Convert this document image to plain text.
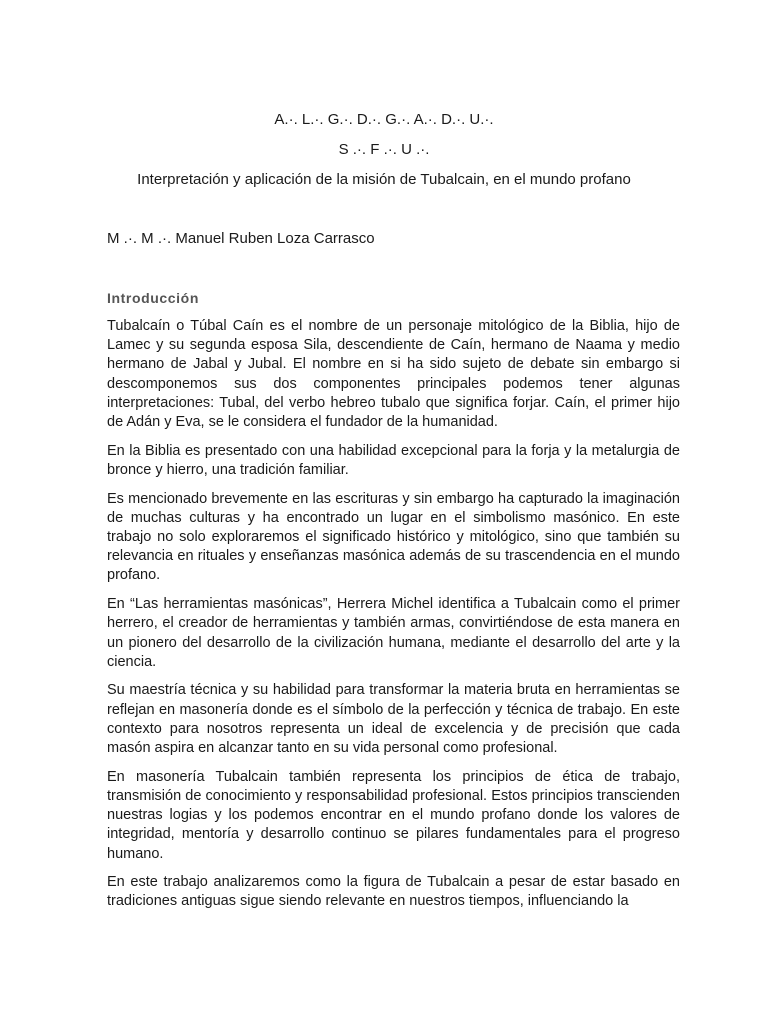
A.·. L.·. G.·. D.·. G.·. A.·. D.·. U.·.
S .·. F .·. U .·.
Interpretación y aplicación de la misión de Tubalcain, en el mundo profano
M .·. M .·. Manuel Ruben Loza Carrasco
Introducción

Tubalcaín o Túbal Caín es el nombre de un personaje mitológico de la Biblia, hijo de Lamec y su segunda esposa Sila, descendiente de Caín, hermano de Naama y medio hermano de Jabal y Jubal. El nombre en si ha sido sujeto de debate sin embargo si descomponemos sus dos componentes principales podemos tener algunas interpretaciones: Tubal, del verbo hebreo tubalo que significa forjar. Caín, el primer hijo de Adán y Eva, se le considera el fundador de la humanidad.

En la Biblia es presentado con una habilidad excepcional para la forja y la metalurgia de bronce y hierro, una tradición familiar.

Es mencionado brevemente en las escrituras y sin embargo ha capturado la imaginación de muchas culturas y ha encontrado un lugar en el simbolismo masónico. En este trabajo no solo exploraremos el significado histórico y mitológico, sino que también su relevancia en rituales y enseñanzas masónica además de su trascendencia en el mundo profano.

En “Las herramientas masónicas”, Herrera Michel identifica a Tubalcain como el primer herrero, el creador de herramientas y también armas, convirtiéndose de esta manera en un pionero del desarrollo de la civilización humana, mediante el desarrollo del arte y la ciencia.

Su maestría técnica y su habilidad para transformar la materia bruta en herramientas se reflejan en masonería donde es el símbolo de la perfección y técnica de trabajo. En este contexto para nosotros representa un ideal de excelencia y de precisión que cada masón aspira en alcanzar tanto en su vida personal como profesional.

En masonería Tubalcain también representa los principios de ética de trabajo, transmisión de conocimiento y responsabilidad profesional. Estos principios transcienden nuestras logias y los podemos encontrar en el mundo profano donde los valores de integridad, mentoría y desarrollo continuo se pilares fundamentales para el progreso humano.

En este trabajo analizaremos como la figura de Tubalcain a pesar de estar basado en tradiciones antiguas sigue siendo relevante en nuestros tiempos, influenciando la
